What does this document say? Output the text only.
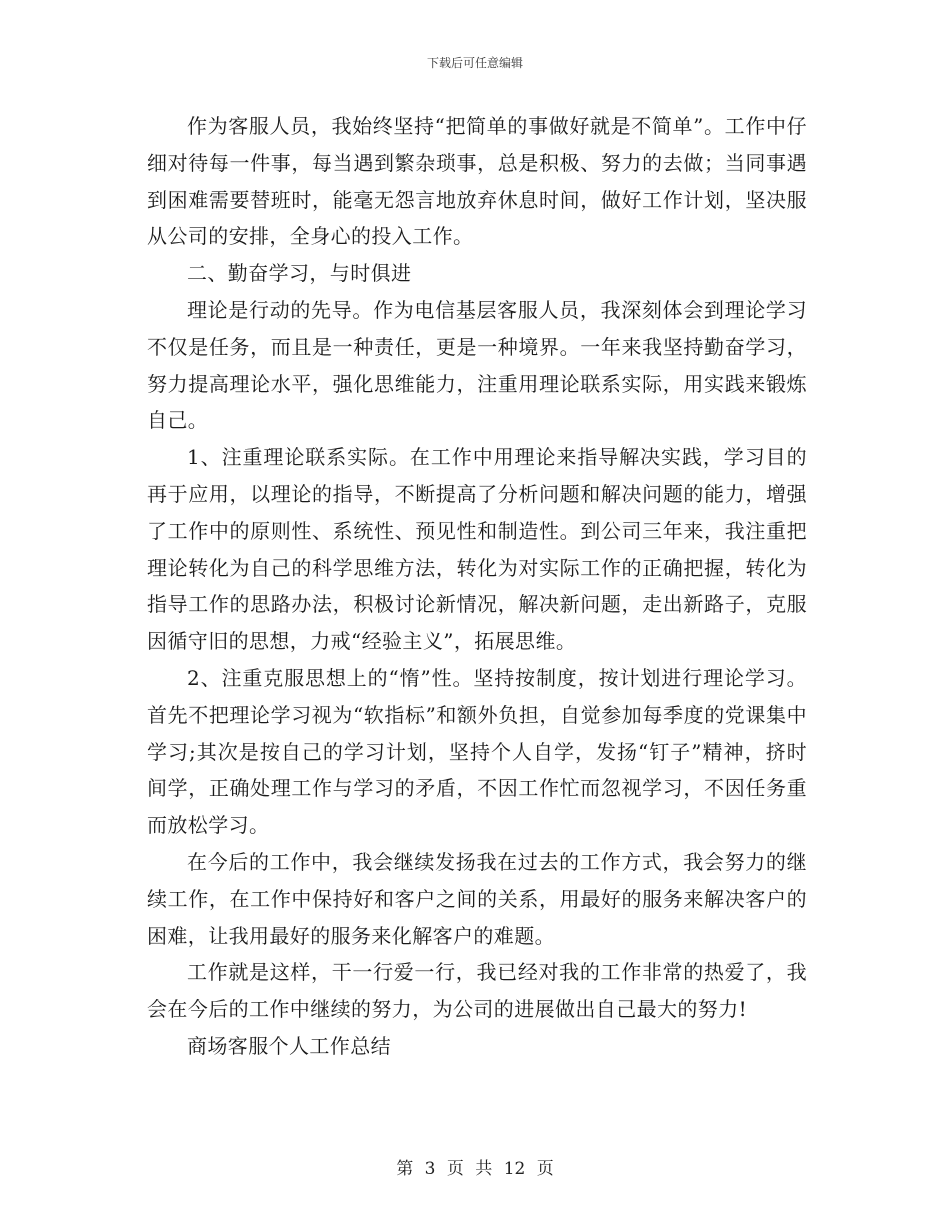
下载后可任意编辑

作为客服人员，我始终坚持“把简单的事做好就是不简单”。工作中仔细对待每一件事，每当遇到繁杂琐事，总是积极、努力的去做；当同事遇到困难需要替班时，能毫无怨言地放弃休息时间，做好工作计划，坚决服从公司的安排，全身心的投入工作。

二、勤奋学习，与时俱进

理论是行动的先导。作为电信基层客服人员，我深刻体会到理论学习不仅是任务，而且是一种责任，更是一种境界。一年来我坚持勤奋学习，努力提高理论水平，强化思维能力，注重用理论联系实际，用实践来锻炼自己。

1、注重理论联系实际。在工作中用理论来指导解决实践，学习目的再于应用，以理论的指导，不断提高了分析问题和解决问题的能力，增强了工作中的原则性、系统性、预见性和制造性。到公司三年来，我注重把理论转化为自己的科学思维方法，转化为对实际工作的正确把握，转化为指导工作的思路办法，积极讨论新情况，解决新问题，走出新路子，克服因循守旧的思想，力戒“经验主义”，拓展思维。

2、注重克服思想上的“惰”性。坚持按制度，按计划进行理论学习。首先不把理论学习视为“软指标”和额外负担，自觉参加每季度的党课集中学习;其次是按自己的学习计划，坚持个人自学，发扬“钉子”精神，挤时间学，正确处理工作与学习的矛盾，不因工作忙而忽视学习，不因任务重而放松学习。

在今后的工作中，我会继续发扬我在过去的工作方式，我会努力的继续工作，在工作中保持好和客户之间的关系，用最好的服务来解决客户的困难，让我用最好的服务来化解客户的难题。

工作就是这样，干一行爱一行，我已经对我的工作非常的热爱了，我会在今后的工作中继续的努力，为公司的进展做出自己最大的努力!

商场客服个人工作总结

第 3 页 共 12 页
